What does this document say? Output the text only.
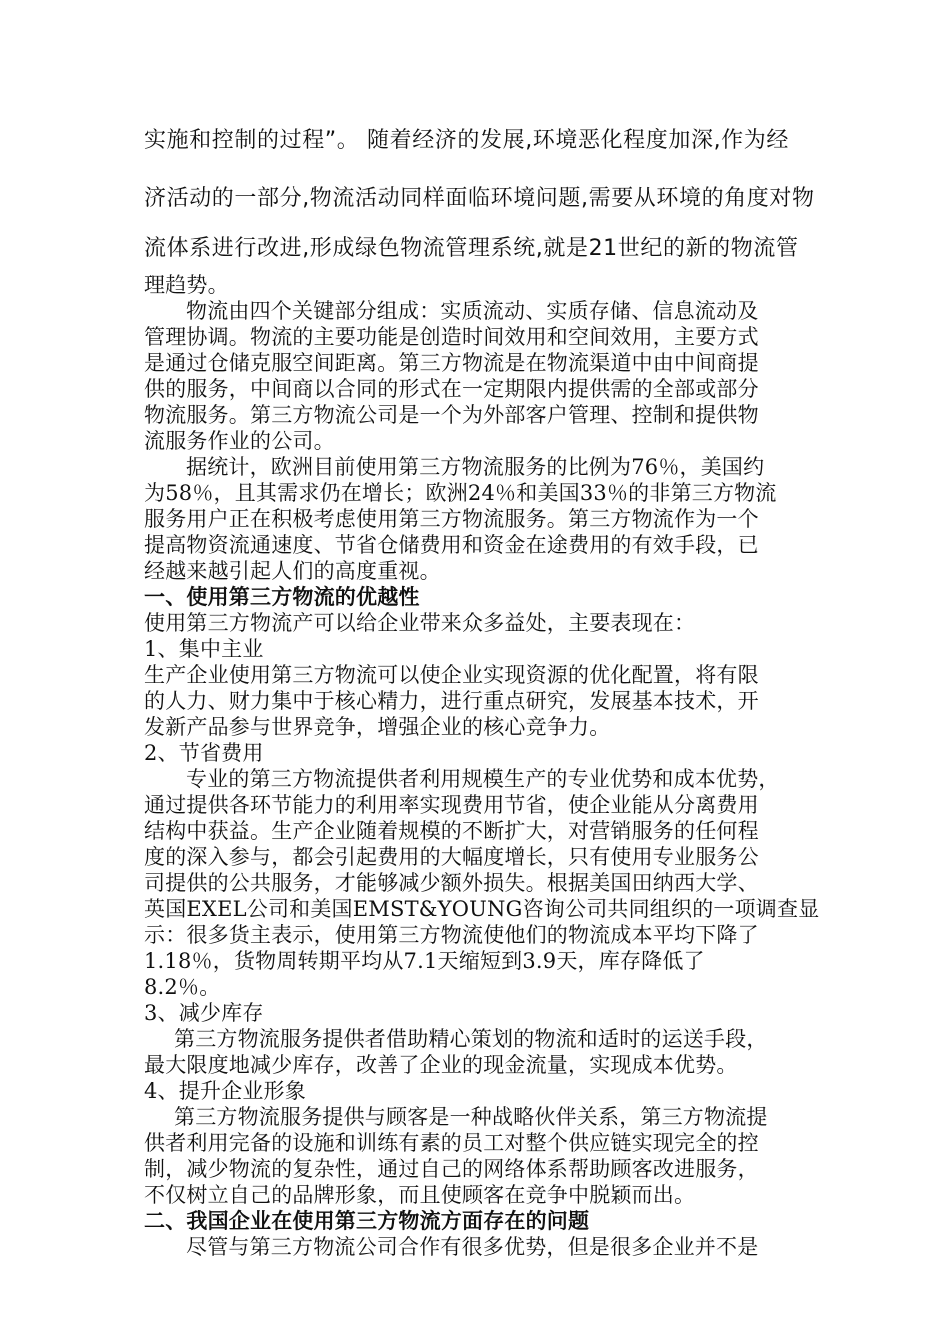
实施和控制的过程”。 随着经济的发展,环境恶化程度加深,作为经
济活动的一部分,物流活动同样面临环境问题,需要从环境的角度对物
流体系进行改进,形成绿色物流管理系统,就是21世纪的新的物流管
理趋势。
物流由四个关键部分组成：实质流动、实质存储、信息流动及
管理协调。物流的主要功能是创造时间效用和空间效用，主要方式
是通过仓储克服空间距离。第三方物流是在物流渠道中由中间商提
供的服务，中间商以合同的形式在一定期限内提供需的全部或部分
物流服务。第三方物流公司是一个为外部客户管理、控制和提供物
流服务作业的公司。
据统计，欧洲目前使用第三方物流服务的比例为76％，美国约
为58％，且其需求仍在增长；欧洲24％和美国33％的非第三方物流
服务用户正在积极考虑使用第三方物流服务。第三方物流作为一个
提高物资流通速度、节省仓储费用和资金在途费用的有效手段，已
经越来越引起人们的高度重视。
一、使用第三方物流的优越性
使用第三方物流产可以给企业带来众多益处，主要表现在：
1、集中主业
生产企业使用第三方物流可以使企业实现资源的优化配置，将有限
的人力、财力集中于核心精力，进行重点研究，发展基本技术，开
发新产品参与世界竞争，增强企业的核心竞争力。
2、节省费用
专业的第三方物流提供者利用规模生产的专业优势和成本优势，
通过提供各环节能力的利用率实现费用节省，使企业能从分离费用
结构中获益。生产企业随着规模的不断扩大，对营销服务的任何程
度的深入参与，都会引起费用的大幅度增长，只有使用专业服务公
司提供的公共服务，才能够减少额外损失。根据美国田纳西大学、
英国EXEL公司和美国EMST&YOUNG咨询公司共同组织的一项调查显
示：很多货主表示，使用第三方物流使他们的物流成本平均下降了
1.18％，货物周转期平均从7.1天缩短到3.9天，库存降低了
8.2％。
3、减少库存
第三方物流服务提供者借助精心策划的物流和适时的运送手段，
最大限度地减少库存，改善了企业的现金流量，实现成本优势。
4、提升企业形象
第三方物流服务提供与顾客是一种战略伙伴关系，第三方物流提
供者利用完备的设施和训练有素的员工对整个供应链实现完全的控
制，减少物流的复杂性，通过自己的网络体系帮助顾客改进服务，
不仅树立自己的品牌形象，而且使顾客在竞争中脱颖而出。
二、我国企业在使用第三方物流方面存在的问题
尽管与第三方物流公司合作有很多优势，但是很多企业并不是
